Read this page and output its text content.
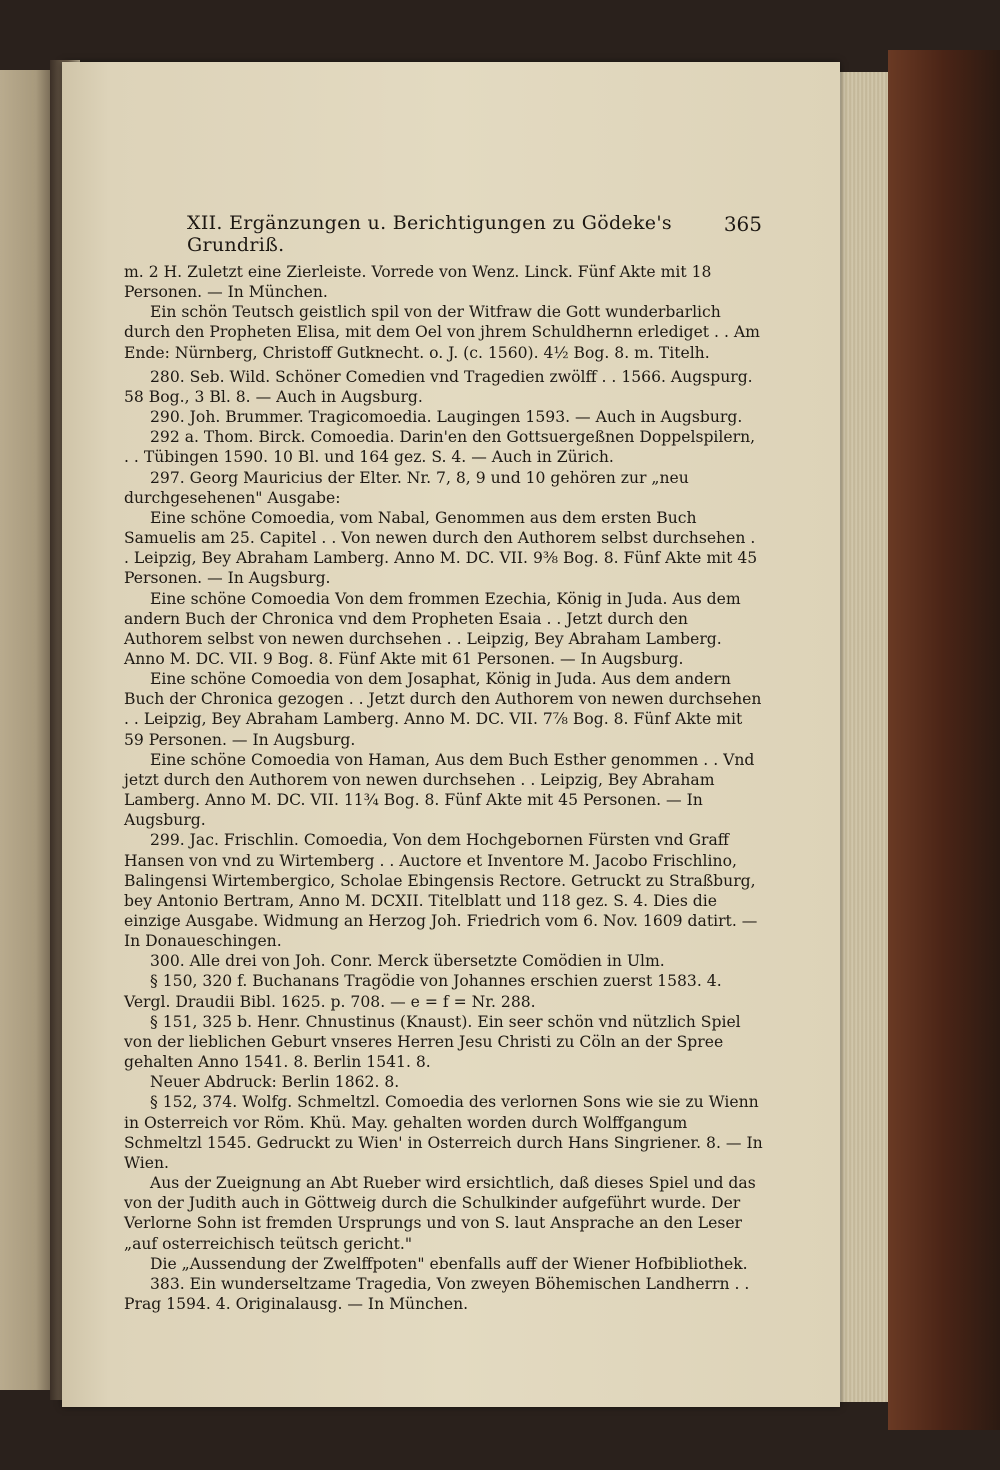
XII. Ergänzungen u. Berichtigungen zu Gödeke's Grundriß.
365

m. 2 H. Zuletzt eine Zierleiste. Vorrede von Wenz. Linck. Fünf Akte mit 18 Personen. — In München.

Ein schön Teutsch geistlich spil von der Witfraw die Gott wunderbarlich durch den Propheten Elisa, mit dem Oel von jhrem Schuldhernn erlediget . . Am Ende: Nürnberg, Christoff Gutknecht. o. J. (c. 1560). 4½ Bog. 8. m. Titelh.

280. Seb. Wild. Schöner Comedien vnd Tragedien zwölff . . 1566. Augspurg. 58 Bog., 3 Bl. 8. — Auch in Augsburg.

290. Joh. Brummer. Tragicomoedia. Laugingen 1593. — Auch in Augsburg.

292 a. Thom. Birck. Comoedia. Darin'en den Gottsuergeßnen Doppelspilern, . . Tübingen 1590. 10 Bl. und 164 gez. S. 4. — Auch in Zürich.

297. Georg Mauricius der Elter. Nr. 7, 8, 9 und 10 gehören zur „neu durchgesehenen" Ausgabe:

Eine schöne Comoedia, vom Nabal, Genommen aus dem ersten Buch Samuelis am 25. Capitel . . Von newen durch den Authorem selbst durchsehen . . Leipzig, Bey Abraham Lamberg. Anno M. DC. VII. 9⅜ Bog. 8. Fünf Akte mit 45 Personen. — In Augsburg.

Eine schöne Comoedia Von dem frommen Ezechia, König in Juda. Aus dem andern Buch der Chronica vnd dem Propheten Esaia . . Jetzt durch den Authorem selbst von newen durchsehen . . Leipzig, Bey Abraham Lamberg. Anno M. DC. VII. 9 Bog. 8. Fünf Akte mit 61 Personen. — In Augsburg.

Eine schöne Comoedia von dem Josaphat, König in Juda. Aus dem andern Buch der Chronica gezogen . . Jetzt durch den Authorem von newen durchsehen . . Leipzig, Bey Abraham Lamberg. Anno M. DC. VII. 7⅞ Bog. 8. Fünf Akte mit 59 Personen. — In Augsburg.

Eine schöne Comoedia von Haman, Aus dem Buch Esther genommen . . Vnd jetzt durch den Authorem von newen durchsehen . . Leipzig, Bey Abraham Lamberg. Anno M. DC. VII. 11¾ Bog. 8. Fünf Akte mit 45 Personen. — In Augsburg.

299. Jac. Frischlin. Comoedia, Von dem Hochgebornen Fürsten vnd Graff Hansen von vnd zu Wirtemberg . . Auctore et Inventore M. Jacobo Frischlino, Balingensi Wirtembergico, Scholae Ebingensis Rectore. Getruckt zu Straßburg, bey Antonio Bertram, Anno M. DCXII. Titelblatt und 118 gez. S. 4. Dies die einzige Ausgabe. Widmung an Herzog Joh. Friedrich vom 6. Nov. 1609 datirt. — In Donaueschingen.

300. Alle drei von Joh. Conr. Merck übersetzte Comödien in Ulm.

§ 150, 320 f. Buchanans Tragödie von Johannes erschien zuerst 1583. 4. Vergl. Draudii Bibl. 1625. p. 708. — e = f = Nr. 288.

§ 151, 325 b. Henr. Chnustinus (Knaust). Ein seer schön vnd nützlich Spiel von der lieblichen Geburt vnseres Herren Jesu Christi zu Cöln an der Spree gehalten Anno 1541. 8. Berlin 1541. 8.

Neuer Abdruck: Berlin 1862. 8.

§ 152, 374. Wolfg. Schmeltzl. Comoedia des verlornen Sons wie sie zu Wienn in Osterreich vor Röm. Khü. May. gehalten worden durch Wolffgangum Schmeltzl 1545. Gedruckt zu Wien' in Osterreich durch Hans Singriener. 8. — In Wien.

Aus der Zueignung an Abt Rueber wird ersichtlich, daß dieses Spiel und das von der Judith auch in Göttweig durch die Schulkinder aufgeführt wurde. Der Verlorne Sohn ist fremden Ursprungs und von S. laut Ansprache an den Leser „auf osterreichisch teütsch gericht."

Die „Aussendung der Zwelffpoten" ebenfalls auff der Wiener Hofbibliothek.

383. Ein wunderseltzame Tragedia, Von zweyen Böhemischen Landherrn . . Prag 1594. 4. Originalausg. — In München.
